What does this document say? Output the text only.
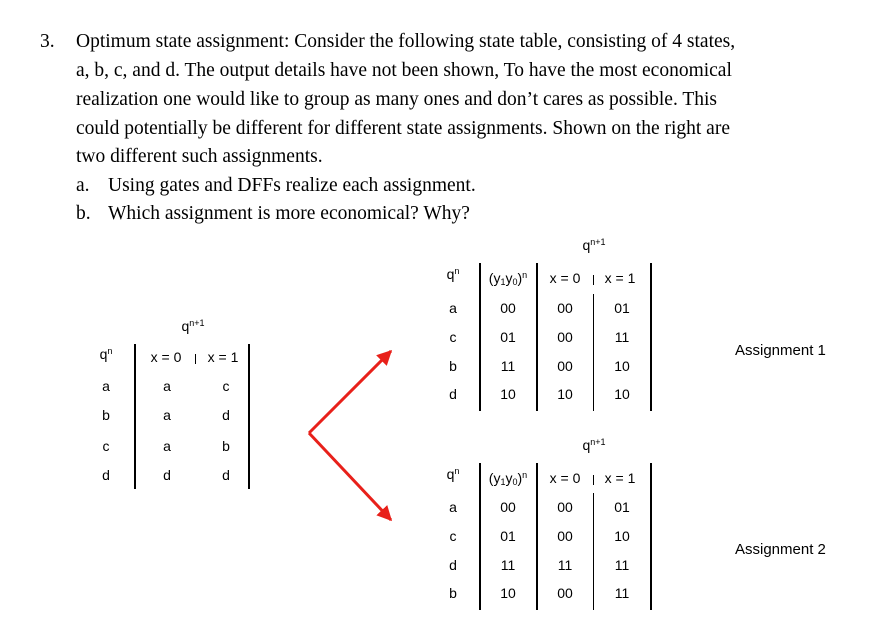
3. Optimum state assignment: Consider the following state table, consisting of 4 states,
a, b, c, and d. The output details have not been shown, To have the most economical
realization one would like to group as many ones and don’t cares as possible. This
could potentially be different for different state assignments. Shown on the right are
two different such assignments.
a. Using gates and DFFs realize each assignment.
b. Which assignment is more economical? Why?
$q^{n+1}$
$q^n$	x = 0	x = 1
a	a	c
b	a	d
c	a	b
d	d	d
$q^{n+1}$
$q^n$	$(y_1y_0)^n$	x = 0	x = 1
a	00	00	01
c	01	00	11
b	11	00	10
d	10	10	10
Assignment 1
$q^{n+1}$
$q^n$	$(y_1y_0)^n$	x = 0	x = 1
a	00	00	01
c	01	00	10
d	11	11	11
b	10	00	11
Assignment 2
